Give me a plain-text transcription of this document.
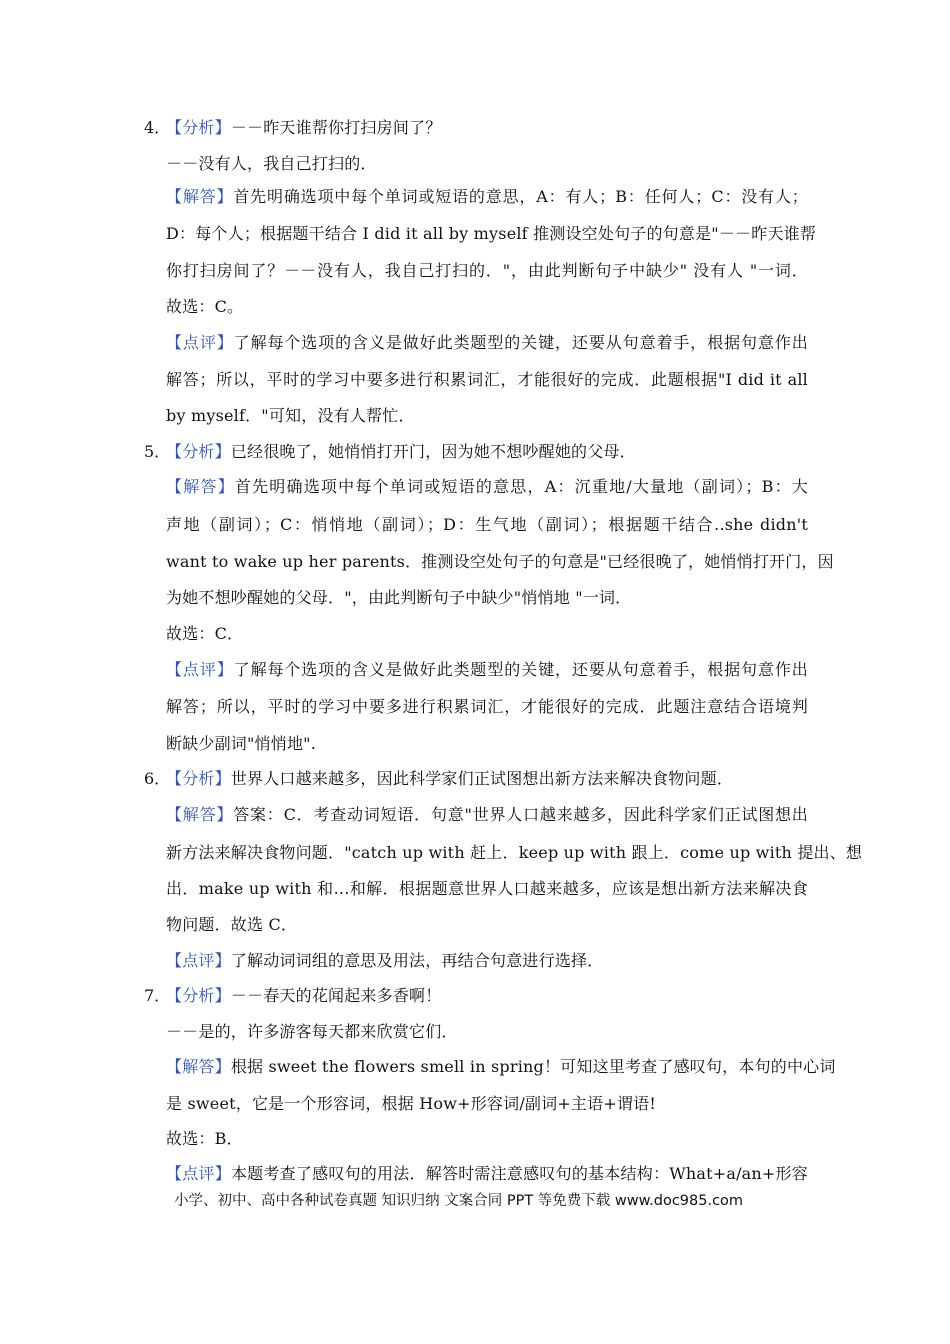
4．
【分析】－－昨天谁帮你打扫房间了？
－－没有人，我自己打扫的．
【解答】首先明确选项中每个单词或短语的意思，A：有人；B：任何人；C：没有人；
D：每个人；根据题干结合 I did it all by myself 推测设空处句子的句意是"－－昨天谁帮
你打扫房间了？－－没有人，我自己打扫的．"，由此判断句子中缺少" 没有人 "一词．
故选：C。
【点评】了解每个选项的含义是做好此类题型的关键，还要从句意着手，根据句意作出
解答；所以，平时的学习中要多进行积累词汇，才能很好的完成．此题根据"I did it all
by myself．"可知，没有人帮忙．
5．
【分析】已经很晚了，她悄悄打开门，因为她不想吵醒她的父母．
【解答】首先明确选项中每个单词或短语的意思，A：沉重地/大量地（副词）；B：大
声地（副词）；C：悄悄地（副词）；D：生气地（副词）；根据题干结合..she didn't
want to wake up her parents．推测设空处句子的句意是"已经很晚了，她悄悄打开门，因
为她不想吵醒她的父母．"，由此判断句子中缺少"悄悄地 "一词．
故选：C．
【点评】了解每个选项的含义是做好此类题型的关键，还要从句意着手，根据句意作出
解答；所以，平时的学习中要多进行积累词汇，才能很好的完成．此题注意结合语境判
断缺少副词"悄悄地".
6．
【分析】世界人口越来越多，因此科学家们正试图想出新方法来解决食物问题．
【解答】答案：C．考查动词短语．句意"世界人口越来越多，因此科学家们正试图想出
新方法来解决食物问题．"catch up with 赶上．keep up with 跟上．come up with 提出、想
出．make up with 和…和解．根据题意世界人口越来越多，应该是想出新方法来解决食
物问题．故选 C．
【点评】了解动词词组的意思及用法，再结合句意进行选择．
7．
【分析】－－春天的花闻起来多香啊！
－－是的，许多游客每天都来欣赏它们．
【解答】根据 sweet the flowers smell in spring！可知这里考查了感叹句，本句的中心词
是 sweet，它是一个形容词，根据 How+形容词/副词+主语+谓语!
故选：B．
【点评】本题考查了感叹句的用法．解答时需注意感叹句的基本结构：What+a/an+形容
小学、初中、高中各种试卷真题 知识归纳 文案合同 PPT 等免费下载 www.doc985.com
